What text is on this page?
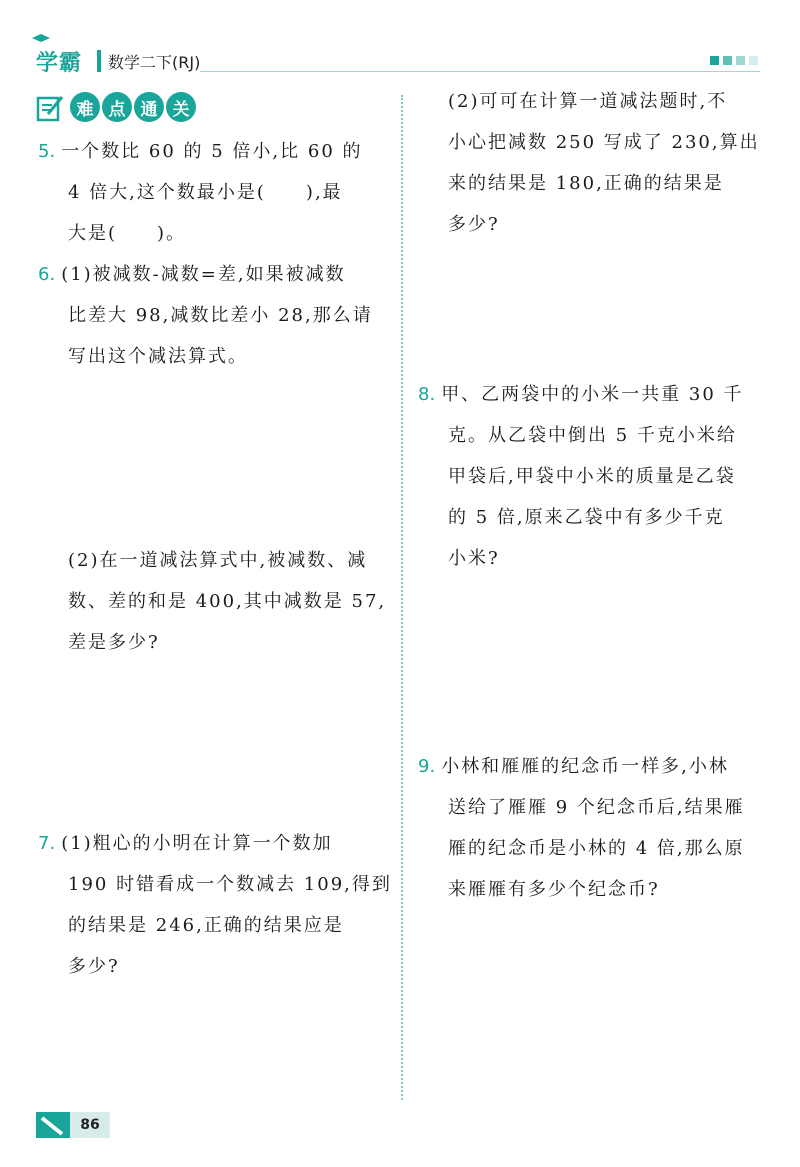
学霸 数学二下(RJ)
难 点 通 关
5. 一个数比 60 的 5 倍小,比 60 的
4 倍大,这个数最小是(　　),最
大是(　　)。
6. (1)被减数-减数=差,如果被减数
比差大 98,减数比差小 28,那么请
写出这个减法算式。
(2)在一道减法算式中,被减数、减
数、差的和是 400,其中减数是 57,
差是多少?
7. (1)粗心的小明在计算一个数加
190 时错看成一个数减去 109,得到
的结果是 246,正确的结果应是
多少?
(2)可可在计算一道减法题时,不
小心把减数 250 写成了 230,算出
来的结果是 180,正确的结果是
多少?
8. 甲、乙两袋中的小米一共重 30 千
克。从乙袋中倒出 5 千克小米给
甲袋后,甲袋中小米的质量是乙袋
的 5 倍,原来乙袋中有多少千克
小米?
9. 小林和雁雁的纪念币一样多,小林
送给了雁雁 9 个纪念币后,结果雁
雁的纪念币是小林的 4 倍,那么原
来雁雁有多少个纪念币?
86
